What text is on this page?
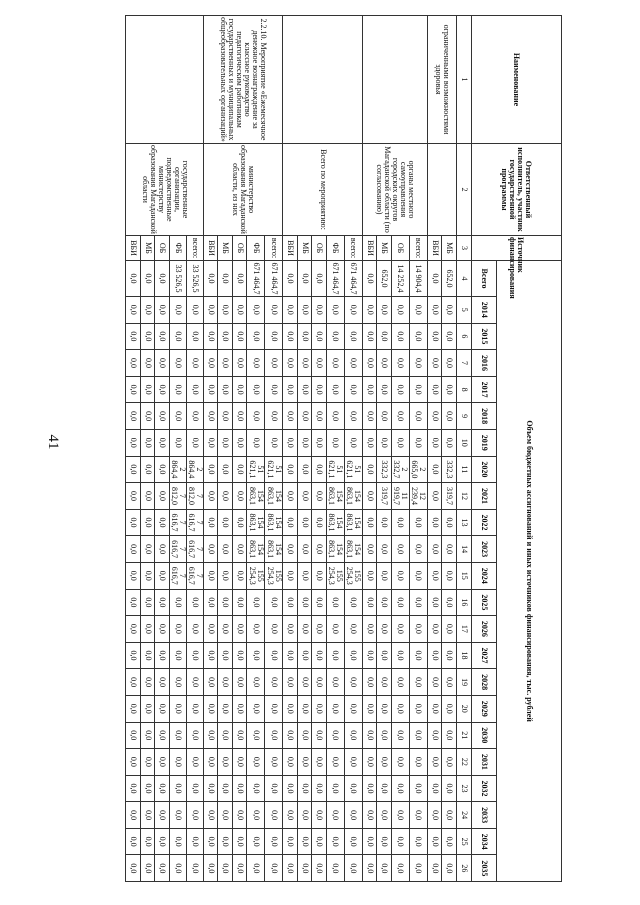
41
Наименование	Ответственный исполнитель, участник государственной программы	Источник финансирования	Объем бюджетных ассигнований и иных источников финансирования, тыс. рублей																						
			Всего	2014	2015	2016	2017	2018	2019	2020	2021	2022	2023	2024	2025	2026	2027	2028	2029	2030	2031	2032	2033	2034	2035
1	2	3	4	5	6	7	8	9	10	11	12	13	14	15	16	17	18	19	20	21	22	23	24	25	26
ограниченными возможностями здоровья		МБ	652,0	0,0	0,0	0,0	0,0	0,0	0,0	332,3	319,7	0,0	0,0	0,0	0,0	0,0	0,0	0,0	0,0	0,0	0,0	0,0	0,0	0,0	0,0
		ВБИ	0,0	0,0	0,0	0,0	0,0	0,0	0,0	0,0	0,0	0,0	0,0	0,0	0,0	0,0	0,0	0,0	0,0	0,0	0,0	0,0	0,0	0,0	0,0
	органы местного самоуправления городских округов Магаданской области (по согласованию)	всего:	14 904,4	0,0	0,0	0,0	0,0	0,0	0,0	2 665,0	12 239,4	0,0	0,0	0,0	0,0	0,0	0,0	0,0	0,0	0,0	0,0	0,0	0,0	0,0	0,0
		ОБ	14 252,4	0,0	0,0	0,0	0,0	0,0	0,0	2 332,7	11 919,7	0,0	0,0	0,0	0,0	0,0	0,0	0,0	0,0	0,0	0,0	0,0	0,0	0,0	0,0
		МБ	652,0	0,0	0,0	0,0	0,0	0,0	0,0	332,3	319,7	0,0	0,0	0,0	0,0	0,0	0,0	0,0	0,0	0,0	0,0	0,0	0,0	0,0	0,0
		ВБИ	0,0	0,0	0,0	0,0	0,0	0,0	0,0	0,0	0,0	0,0	0,0	0,0	0,0	0,0	0,0	0,0	0,0	0,0	0,0	0,0	0,0	0,0	0,0
	Всего по мероприятию:	всего:	671 464,7	0,0	0,0	0,0	0,0	0,0	0,0	51 621,1	154 863,1	154 863,1	154 863,1	155 254,3	0,0	0,0	0,0	0,0	0,0	0,0	0,0	0,0	0,0	0,0	0,0
		ФБ	671 464,7	0,0	0,0	0,0	0,0	0,0	0,0	51 621,1	154 863,1	154 863,1	154 863,1	155 254,3	0,0	0,0	0,0	0,0	0,0	0,0	0,0	0,0	0,0	0,0	0,0
		ОБ	0,0	0,0	0,0	0,0	0,0	0,0	0,0	0,0	0,0	0,0	0,0	0,0	0,0	0,0	0,0	0,0	0,0	0,0	0,0	0,0	0,0	0,0	0,0
		МБ	0,0	0,0	0,0	0,0	0,0	0,0	0,0	0,0	0,0	0,0	0,0	0,0	0,0	0,0	0,0	0,0	0,0	0,0	0,0	0,0	0,0	0,0	0,0
		ВБИ	0,0	0,0	0,0	0,0	0,0	0,0	0,0	0,0	0,0	0,0	0,0	0,0	0,0	0,0	0,0	0,0	0,0	0,0	0,0	0,0	0,0	0,0	0,0
2.2.10. Мероприятие «Ежемесячное денежное вознаграждение за классное руководство педагогическим работникам государственных и муниципальных общеобразовательных организаций»	министерство образования Магаданской области, из них	всего:	671 464,7	0,0	0,0	0,0	0,0	0,0	0,0	51 621,1	154 863,1	154 863,1	154 863,1	155 254,3	0,0	0,0	0,0	0,0	0,0	0,0	0,0	0,0	0,0	0,0	0,0
		ФБ	671 464,7	0,0	0,0	0,0	0,0	0,0	0,0	51 621,1	154 863,1	154 863,1	154 863,1	155 254,3	0,0	0,0	0,0	0,0	0,0	0,0	0,0	0,0	0,0	0,0	0,0
		ОБ	0,0	0,0	0,0	0,0	0,0	0,0	0,0	0,0	0,0	0,0	0,0	0,0	0,0	0,0	0,0	0,0	0,0	0,0	0,0	0,0	0,0	0,0	0,0
		МБ	0,0	0,0	0,0	0,0	0,0	0,0	0,0	0,0	0,0	0,0	0,0	0,0	0,0	0,0	0,0	0,0	0,0	0,0	0,0	0,0	0,0	0,0	0,0
		ВБИ	0,0	0,0	0,0	0,0	0,0	0,0	0,0	0,0	0,0	0,0	0,0	0,0	0,0	0,0	0,0	0,0	0,0	0,0	0,0	0,0	0,0	0,0	0,0
	государственные организации, подведомственные министерству образования Магаданской области	всего:	33 526,5	0,0	0,0	0,0	0,0	0,0	0,0	2 864,4	7 812,0	7 616,7	7 616,7	7 616,7	0,0	0,0	0,0	0,0	0,0	0,0	0,0	0,0	0,0	0,0	0,0
		ФБ	33 526,5	0,0	0,0	0,0	0,0	0,0	0,0	2 864,4	7 812,0	7 616,7	7 616,7	7 616,7	0,0	0,0	0,0	0,0	0,0	0,0	0,0	0,0	0,0	0,0	0,0
		ОБ	0,0	0,0	0,0	0,0	0,0	0,0	0,0	0,0	0,0	0,0	0,0	0,0	0,0	0,0	0,0	0,0	0,0	0,0	0,0	0,0	0,0	0,0	0,0
		МБ	0,0	0,0	0,0	0,0	0,0	0,0	0,0	0,0	0,0	0,0	0,0	0,0	0,0	0,0	0,0	0,0	0,0	0,0	0,0	0,0	0,0	0,0	0,0
		ВБИ	0,0	0,0	0,0	0,0	0,0	0,0	0,0	0,0	0,0	0,0	0,0	0,0	0,0	0,0	0,0	0,0	0,0	0,0	0,0	0,0	0,0	0,0	0,0
